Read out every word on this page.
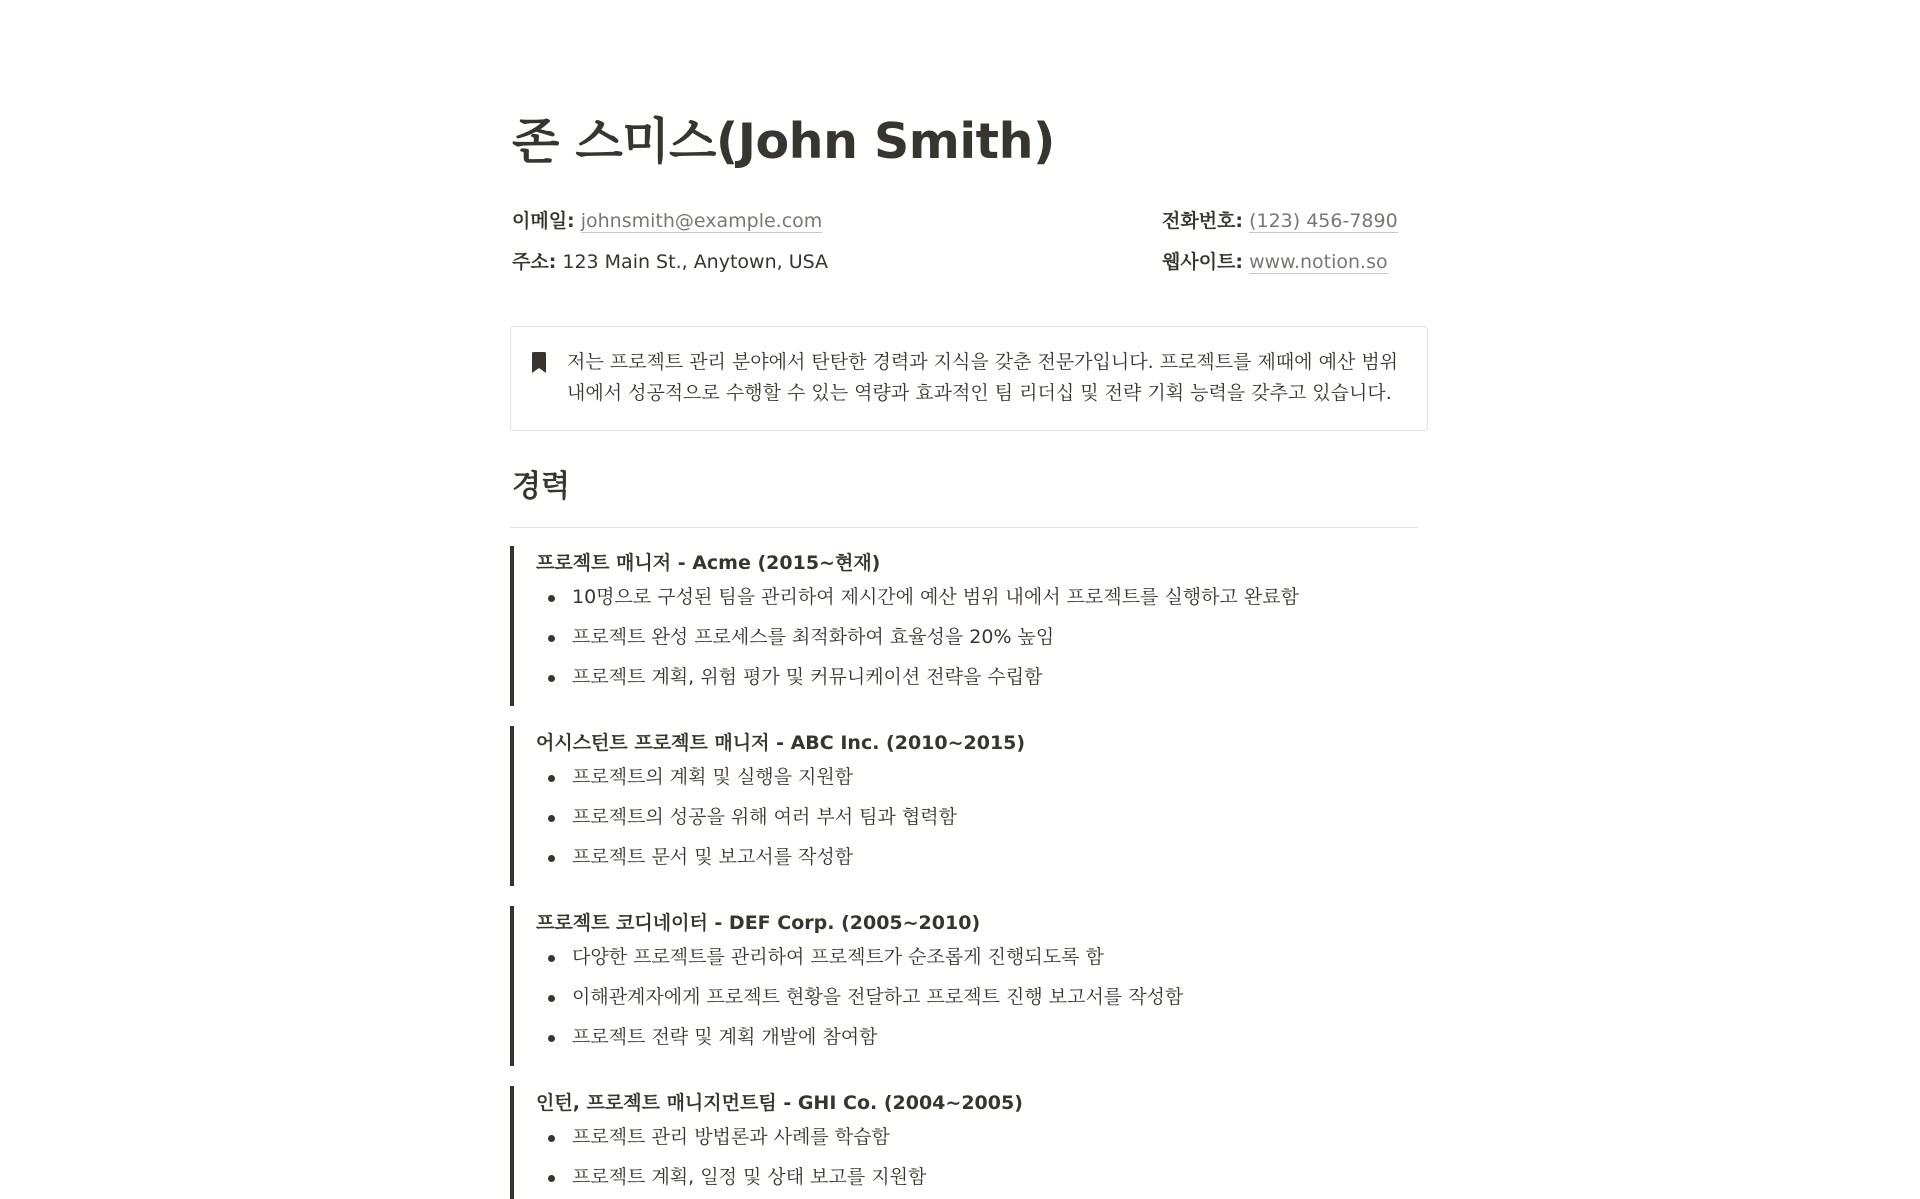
존 스미스(John Smith)
이메일: johnsmith@example.com
주소: 123 Main St., Anytown, USA
전화번호: (123) 456-7890
웹사이트: www.notion.so
저는 프로젝트 관리 분야에서 탄탄한 경력과 지식을 갖춘 전문가입니다. 프로젝트를 제때에 예산 범위 내에서 성공적으로 수행할 수 있는 역량과 효과적인 팀 리더십 및 전략 기획 능력을 갖추고 있습니다.
경력
프로젝트 매니저 - Acme (2015~현재)
10명으로 구성된 팀을 관리하여 제시간에 예산 범위 내에서 프로젝트를 실행하고 완료함
프로젝트 완성 프로세스를 최적화하여 효율성을 20% 높임
프로젝트 계획, 위험 평가 및 커뮤니케이션 전략을 수립함
어시스턴트 프로젝트 매니저 - ABC Inc. (2010~2015)
프로젝트의 계획 및 실행을 지원함
프로젝트의 성공을 위해 여러 부서 팀과 협력함
프로젝트 문서 및 보고서를 작성함
프로젝트 코디네이터 - DEF Corp. (2005~2010)
다양한 프로젝트를 관리하여 프로젝트가 순조롭게 진행되도록 함
이해관계자에게 프로젝트 현황을 전달하고 프로젝트 진행 보고서를 작성함
프로젝트 전략 및 계획 개발에 참여함
인턴, 프로젝트 매니지먼트팀 - GHI Co. (2004~2005)
프로젝트 관리 방법론과 사례를 학습함
프로젝트 계획, 일정 및 상태 보고를 지원함
